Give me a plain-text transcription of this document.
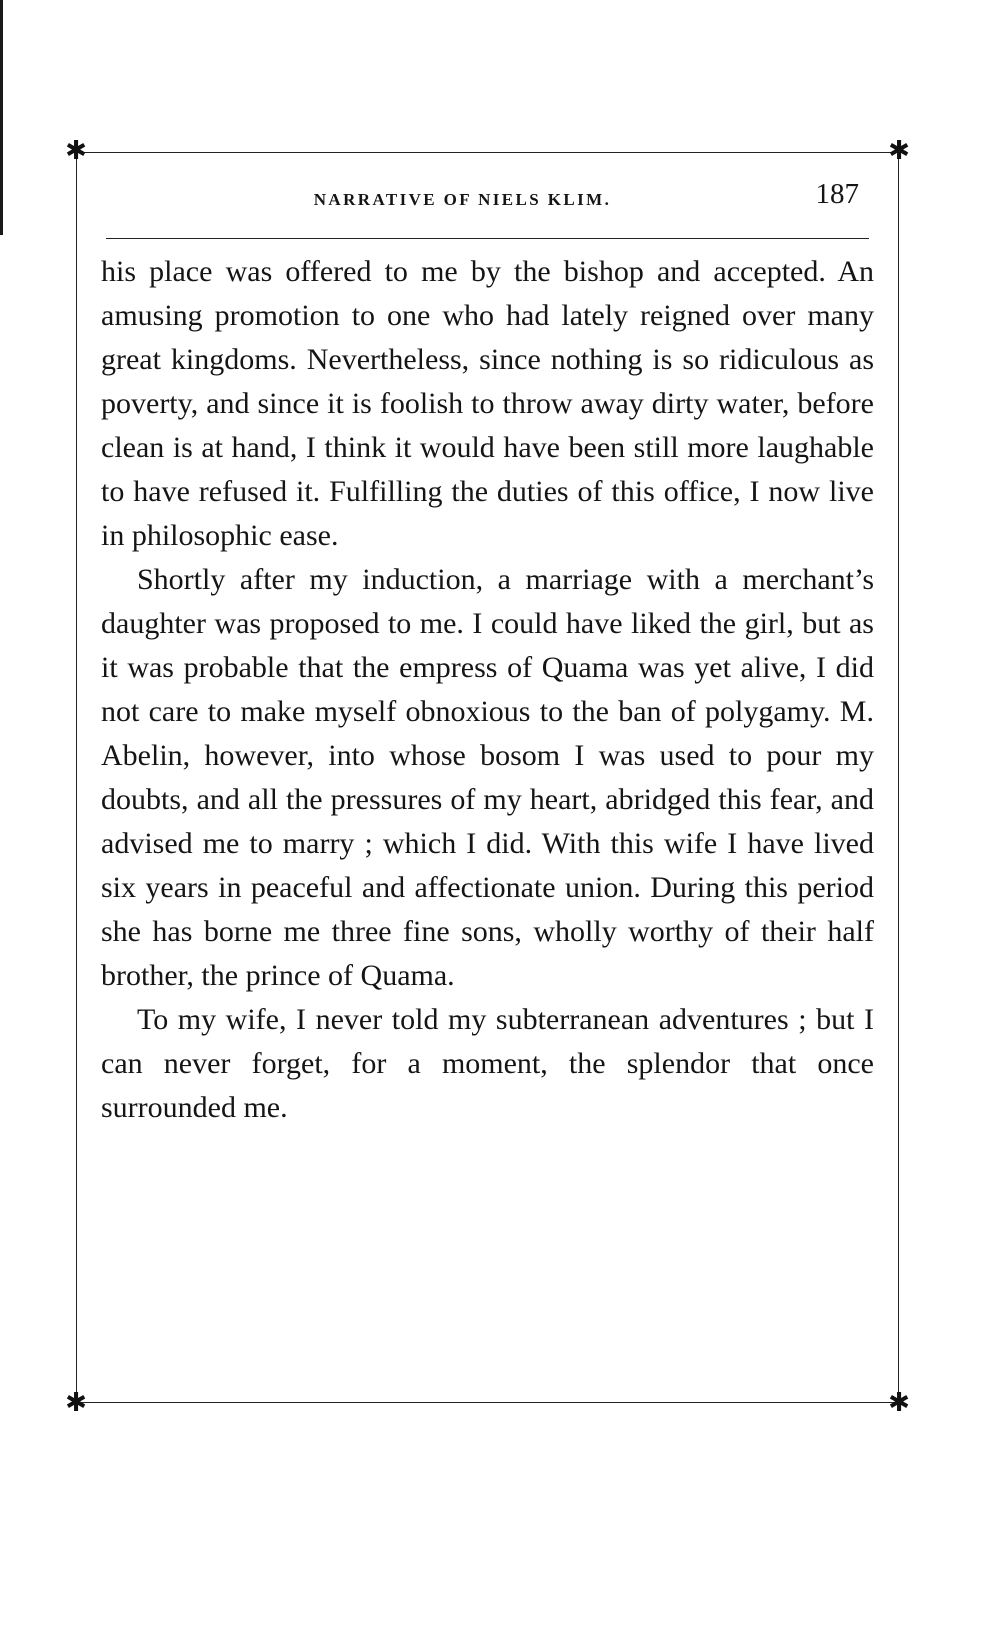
✱	✱
✱	✱
NARRATIVE OF NIELS KLIM.	187

his place was offered to me by the bishop and accepted. An amusing promotion to one who had lately reigned over many great kingdoms. Nevertheless, since nothing is so ridiculous as poverty, and since it is foolish to throw away dirty water, before clean is at hand, I think it would have been still more laughable to have refused it. Fulfilling the duties of this office, I now live in philosophic ease.

Shortly after my induction, a marriage with a merchant’s daughter was proposed to me. I could have liked the girl, but as it was probable that the empress of Quama was yet alive, I did not care to make myself obnoxious to the ban of polygamy. M. Abelin, however, into whose bosom I was used to pour my doubts, and all the pressures of my heart, abridged this fear, and advised me to marry ; which I did. With this wife I have lived six years in peaceful and affectionate union. During this period she has borne me three fine sons, wholly worthy of their half brother, the prince of Quama.

To my wife, I never told my subterranean adventures ; but I can never forget, for a moment, the splendor that once surrounded me.
